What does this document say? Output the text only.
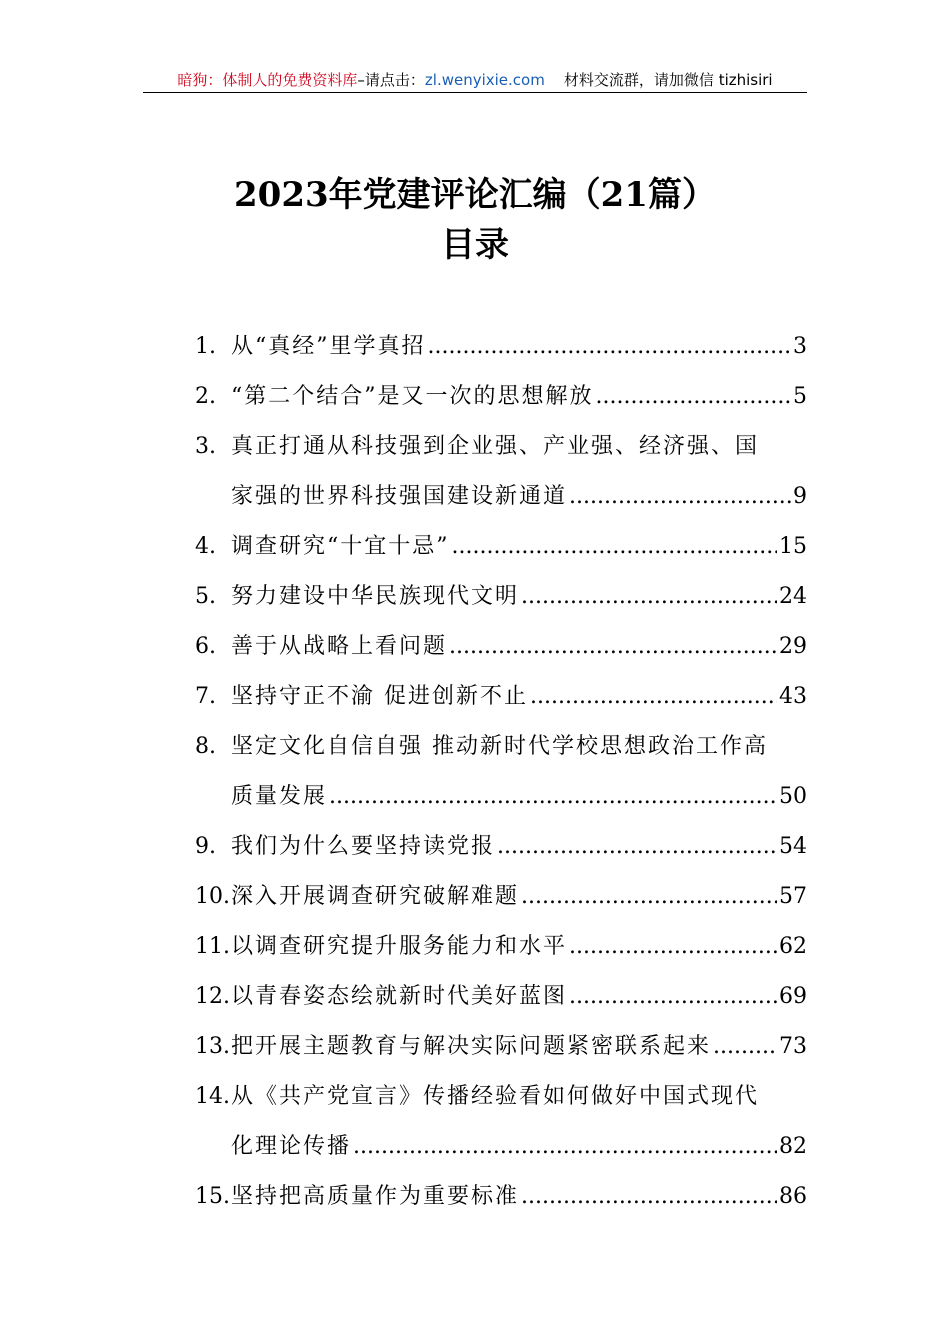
暗狗：体制人的免费资料库–请点击：zl.wenyixie.com 材料交流群，请加微信 tizhisiri
2023年党建评论汇编（21篇）
目录
1. 从“真经”里学真招 .....	3
2. “第二个结合”是又一次的思想解放 .....	5
3. 真正打通从科技强到企业强、产业强、经济强、国
家强的世界科技强国建设新通道 .....	9
4. 调查研究“十宜十忌” .....	15
5. 努力建设中华民族现代文明 .....	24
6. 善于从战略上看问题 .....	29
7. 坚持守正不渝 促进创新不止 .....	43
8. 坚定文化自信自强 推动新时代学校思想政治工作高
质量发展 .....	50
9. 我们为什么要坚持读党报 .....	54
10. 深入开展调查研究破解难题 .....	57
11. 以调查研究提升服务能力和水平 .....	62
12. 以青春姿态绘就新时代美好蓝图 .....	69
13. 把开展主题教育与解决实际问题紧密联系起来 .....	73
14. 从《共产党宣言》传播经验看如何做好中国式现代
化理论传播 .....	82
15. 坚持把高质量作为重要标准 .....	86
